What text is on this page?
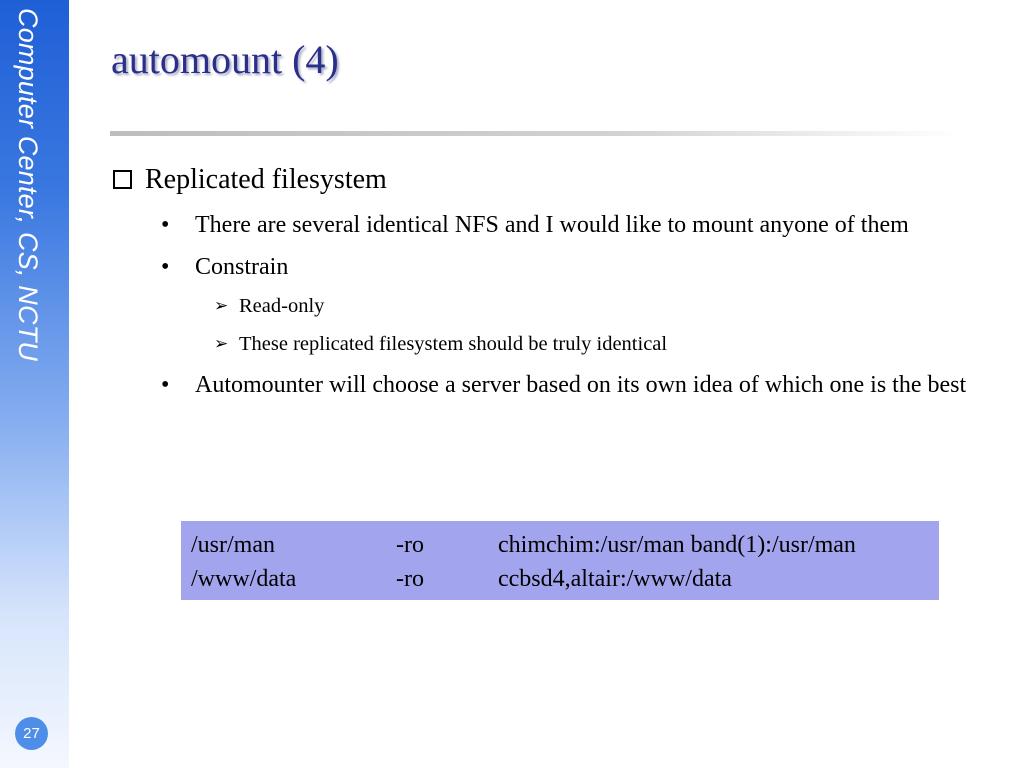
Computer Center, CS, NCTU
27
automount (4)
Replicated filesystem
•	There are several identical NFS and I would like to mount anyone of them
•	Constrain
➢ Read-only
➢ These replicated filesystem should be truly identical
•	Automounter will choose a server based on its own idea of which one is the best
/usr/man	-ro	chimchim:/usr/man band(1):/usr/man
/www/data	-ro	ccbsd4,altair:/www/data
